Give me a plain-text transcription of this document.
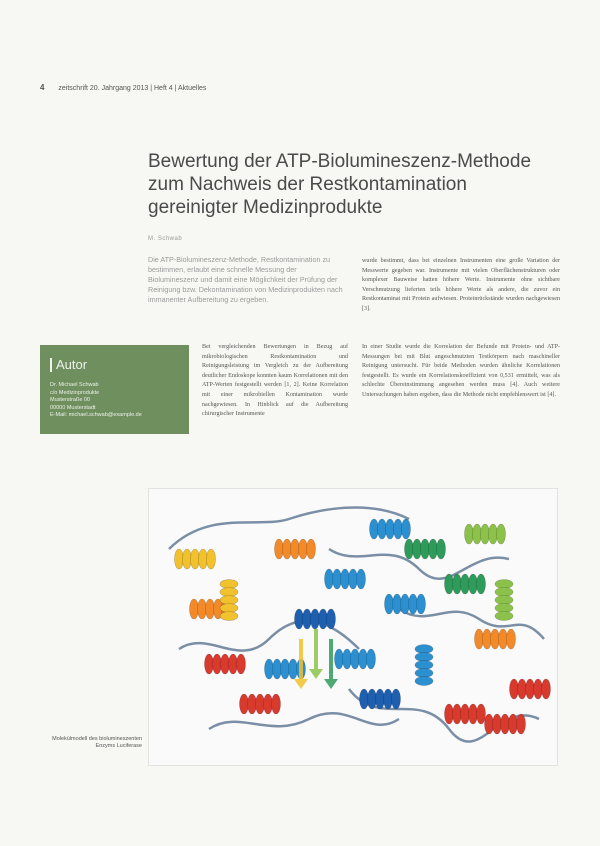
4 zeitschrift 20. Jahrgang 2013 | Heft 4 | Aktuelles
Bewertung der ATP-Biolumineszenz-Methode
zum Nachweis der Restkontamination
gereinigter Medizinprodukte
M. Schwab
Die ATP-Biolumineszenz-Methode, Restkontamination zu bestimmen, erlaubt eine schnelle Messung der Biolumineszenz und damit eine Möglichkeit der Prüfung der Reinigung bzw. Dekontamination von Medizinprodukten nach immanenter Aufbereitung zu ergeben.
wurde bestimmt, dass bei einzelnen Instrumenten eine große Variation der Messwerte gegeben war. Instrumente mit vielen Oberflächenstrukturen oder komplexer Bauweise hatten höhere Werte. Instrumente ohne sichtbare Verschmutzung lieferten teils höhere Werte als andere, die zuvor ein Restkontaminat mit Protein aufwiesen. Proteinrückstände wurden nachgewiesen [3].
Autor
Dr. Michael Schwab
c/o Medizinprodukte
Musterstraße 00
00000 Musterstadt
E-Mail: michael.schwab@example.de
Bei vergleichenden Bewertungen in Bezug auf mikrobiologischen Restkontamination und Reinigungsleistung im Vergleich zu der Aufbereitung deutlicher Endoskope konnten kaum Korrelationen mit den ATP-Werten festgestellt werden [1, 2]. Keine Korrelation mit einer mikrobiellen Kontamination wurde nachgewiesen. In Hinblick auf die Aufbereitung chirurgischer Instrumente
In einer Studie wurde die Korrelation der Befunde mit Protein- und ATP-Messungen bei mit Blut angeschmutzten Testkörpern nach maschineller Reinigung untersucht. Für beide Methoden wurden ähnliche Korrelationen festgestellt. Es wurde ein Korrelationskoeffizient von 0,531 ermittelt, was als schlechte Übereinstimmung angesehen werden muss [4]. Auch weitere Untersuchungen haben ergeben, dass die Methode nicht empfehlenswert ist [4].
Molekülmodell des biolumineszenten Enzyms Luciferase
